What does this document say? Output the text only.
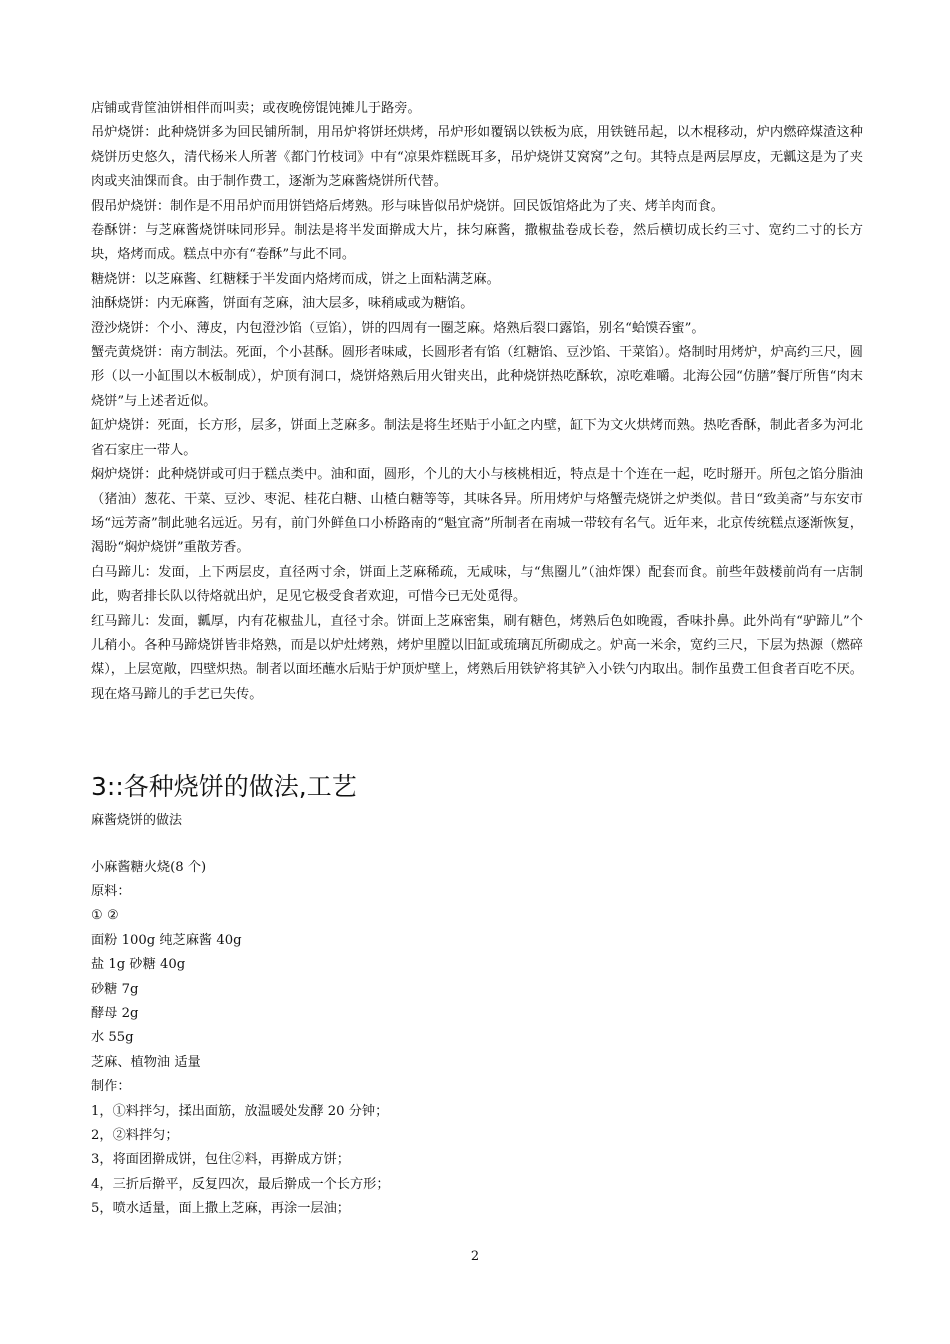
店铺或背筐油饼相伴而叫卖；或夜晚傍馄饨摊儿于路旁。

吊炉烧饼：此种烧饼多为回民铺所制，用吊炉将饼坯烘烤，吊炉形如覆锅以铁板为底，用铁链吊起，以木棍移动，炉内燃碎煤渣这种烧饼历史悠久，清代杨米人所著《都门竹枝词》中有“凉果炸糕既耳多，吊炉烧饼艾窝窝”之句。其特点是两层厚皮，无瓤这是为了夹肉或夹油馃而食。由于制作费工，逐渐为芝麻酱烧饼所代替。

假吊炉烧饼：制作是不用吊炉而用饼铛烙后烤熟。形与味皆似吊炉烧饼。回民饭馆烙此为了夹、烤羊肉而食。

卷酥饼：与芝麻酱烧饼味同形异。制法是将半发面擀成大片，抹匀麻酱，撒椒盐卷成长卷，然后横切成长约三寸、宽约二寸的长方块，烙烤而成。糕点中亦有“卷酥”与此不同。

糖烧饼：以芝麻酱、红糖糅于半发面内烙烤而成，饼之上面粘满芝麻。

油酥烧饼：内无麻酱，饼面有芝麻，油大层多，味稍咸或为糖馅。

澄沙烧饼：个小、薄皮，内包澄沙馅（豆馅），饼的四周有一圈芝麻。烙熟后裂口露馅，别名“蛤馍吞蜜”。

蟹壳黄烧饼：南方制法。死面，个小甚酥。圆形者味咸，长圆形者有馅（红糖馅、豆沙馅、干菜馅）。烙制时用烤炉，炉高约三尺，圆形（以一小缸围以木板制成），炉顶有洞口，烧饼烙熟后用火钳夹出，此种烧饼热吃酥软，凉吃难嚼。北海公园“仿膳”餐厅所售“肉末烧饼”与上述者近似。

缸炉烧饼：死面，长方形，层多，饼面上芝麻多。制法是将生坯贴于小缸之内壁，缸下为文火烘烤而熟。热吃香酥，制此者多为河北省石家庄一带人。

焖炉烧饼：此种烧饼或可归于糕点类中。油和面，圆形，个儿的大小与核桃相近，特点是十个连在一起，吃时掰开。所包之馅分脂油（猪油）葱花、干菜、豆沙、枣泥、桂花白糖、山楂白糖等等，其味各异。所用烤炉与烙蟹壳烧饼之炉类似。昔日“致美斋”与东安市场“远芳斋”制此驰名远近。另有，前门外鲜鱼口小桥路南的“魁宜斋”所制者在南城一带较有名气。近年来，北京传统糕点逐渐恢复，渴盼“焖炉烧饼”重散芳香。

白马蹄儿：发面，上下两层皮，直径两寸余，饼面上芝麻稀疏，无咸味，与“焦圈儿”（油炸馃）配套而食。前些年鼓楼前尚有一店制此，购者排长队以待烙就出炉，足见它极受食者欢迎，可惜今已无处觅得。

红马蹄儿：发面，瓤厚，内有花椒盐儿，直径寸余。饼面上芝麻密集，刷有糖色，烤熟后色如晚霞，香味扑鼻。此外尚有“驴蹄儿”个儿稍小。各种马蹄烧饼皆非烙熟，而是以炉灶烤熟，烤炉里膛以旧缸或琉璃瓦所砌成之。炉高一米余，宽约三尺，下层为热源（燃碎煤），上层宽敞，四壁炽热。制者以面坯蘸水后贴于炉顶炉壁上，烤熟后用铁铲将其铲入小铁勺内取出。制作虽费工但食者百吃不厌。现在烙马蹄儿的手艺已失传。

3::各种烧饼的做法,工艺

麻酱烧饼的做法

小麻酱糖火烧(8 个)

原料：

① ②

面粉 100g 纯芝麻酱 40g

盐 1g 砂糖 40g

砂糖 7g

酵母 2g

水 55g

芝麻、植物油 适量

制作：

1，①料拌匀，揉出面筋，放温暖处发酵 20 分钟；

2，②料拌匀；

3，将面团擀成饼，包住②料，再擀成方饼；

4，三折后擀平，反复四次，最后擀成一个长方形；

5，喷水适量，面上撒上芝麻，再涂一层油；

2
